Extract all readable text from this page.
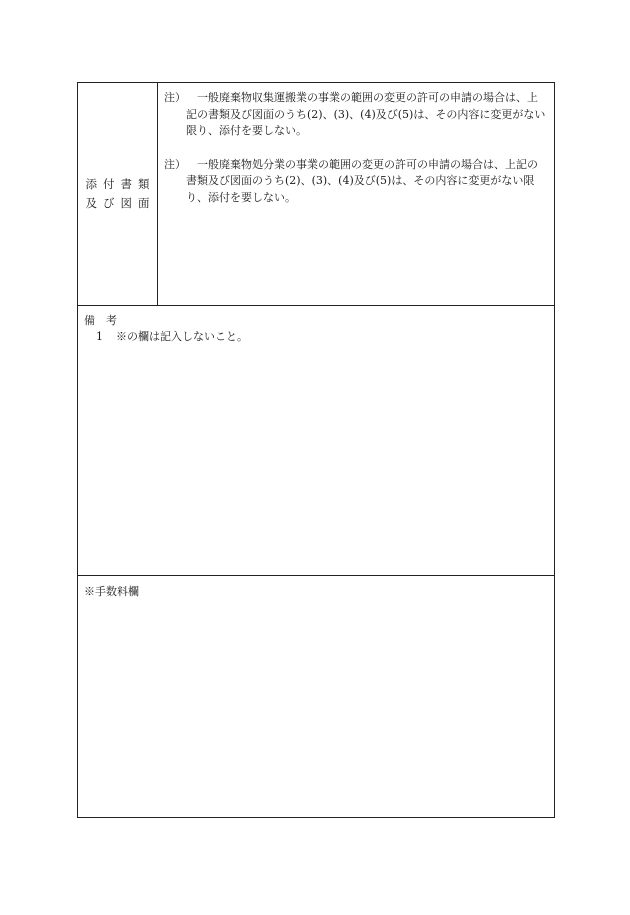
添付書類
及び図面
注）	一般廃棄物収集運搬業の事業の範囲の変更の許可の申請の場合は、上記の書類及び図面のうち(2)、(3)、(4)及び(5)は、その内容に変更がない限り、添付を要しない。
注）	一般廃棄物処分業の事業の範囲の変更の許可の申請の場合は、上記の書類及び図面のうち(2)、(3)、(4)及び(5)は、その内容に変更がない限り、添付を要しない。
備考
1 ※の欄は記入しないこと。
※手数料欄
